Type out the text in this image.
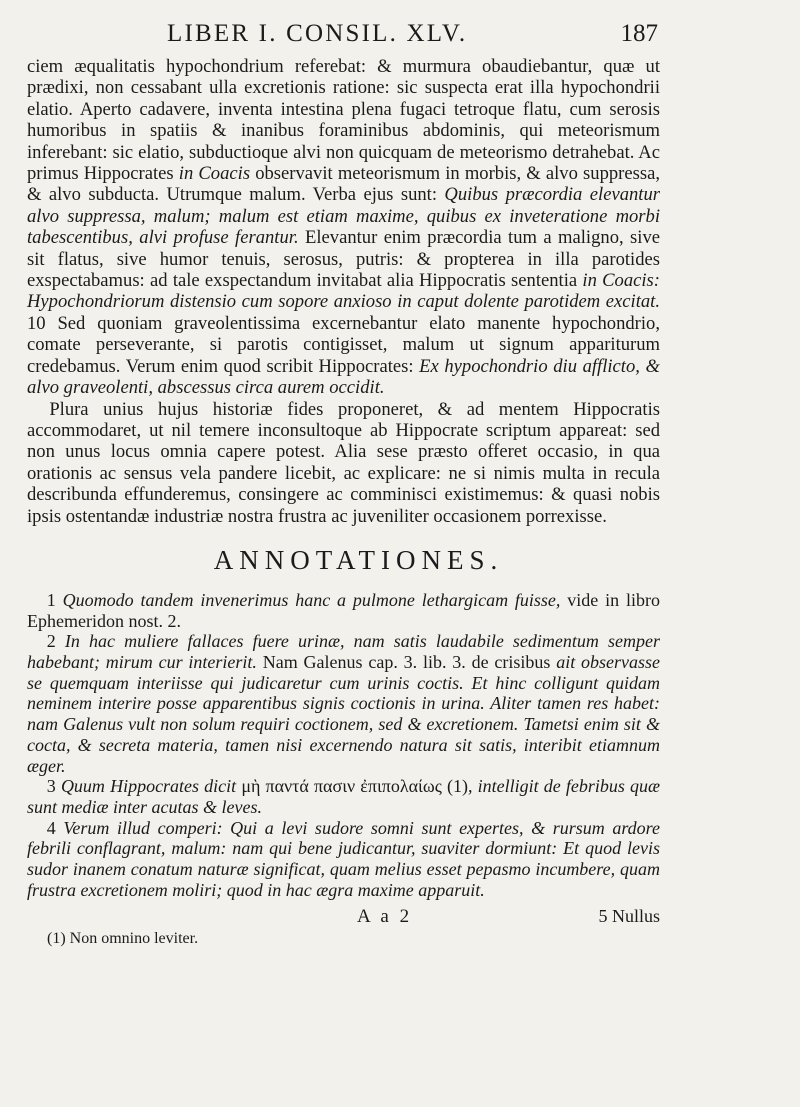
LIBER I. CONSIL. XLV.	187

ciem æqualitatis hypochondrium referebat: & murmura obaudiebantur, quæ ut prædixi, non cessabant ulla excretionis ratione: sic suspecta erat illa hypochondrii elatio. Aperto cadavere, inventa intestina plena fugaci tetroque flatu, cum serosis humoribus in spatiis & inanibus foraminibus abdominis, qui meteorismum inferebant: sic elatio, subductioque alvi non quicquam de meteorismo detrahebat. Ac primus Hippocrates in Coacis observavit meteorismum in morbis, & alvo suppressa, & alvo subducta. Utrumque malum. Verba ejus sunt: Quibus præcordia elevantur alvo suppressa, malum; malum est etiam maxime, quibus ex inveteratione morbi tabescentibus, alvi profuse ferantur. Elevantur enim præcordia tum a maligno, sive sit flatus, sive humor tenuis, serosus, putris: & propterea in illa parotides exspectabamus: ad tale exspectandum invitabat alia Hippocratis sententia in Coacis: Hypochondriorum distensio cum sopore anxioso in caput dolente parotidem excitat. 10 Sed quoniam graveolentissima excernebantur elato manente hypochondrio, comate perseverante, si parotis contigisset, malum ut signum appariturum credebamus. Verum enim quod scribit Hippocrates: Ex hypochondrio diu afflicto, & alvo graveolenti, abscessus circa aurem occidit.

Plura unius hujus historiæ fides proponeret, & ad mentem Hippocratis accommodaret, ut nil temere inconsultoque ab Hippocrate scriptum appareat: sed non unus locus omnia capere potest. Alia sese præsto offeret occasio, in qua orationis ac sensus vela pandere licebit, ac explicare: ne si nimis multa in recula describunda effunderemus, consingere ac comminisci existimemus: & quasi nobis ipsis ostentandæ industriæ nostra frustra ac juveniliter occasionem porrexisse.

ANNOTATIONES.

1 Quomodo tandem invenerimus hanc a pulmone lethargicam fuisse, vide in libro Ephemeridon nost. 2.

2 In hac muliere fallaces fuere urinæ, nam satis laudabile sedimentum semper habebant; mirum cur interierit. Nam Galenus cap. 3. lib. 3. de crisibus ait observasse se quemquam interiisse qui judicaretur cum urinis coctis. Et hinc colligunt quidam neminem interire posse apparentibus signis coctionis in urina. Aliter tamen res habet: nam Galenus vult non solum requiri coctionem, sed & excretionem. Tametsi enim sit & cocta, & secreta materia, tamen nisi excernendo natura sit satis, interibit etiamnum æger.

3 Quum Hippocrates dicit μὴ παντά πασιν ἐπιπολαίως (1), intelligit de febribus quæ sunt mediæ inter acutas & leves.

4 Verum illud comperi: Qui a levi sudore somni sunt expertes, & rursum ardore febrili conflagrant, malum: nam qui bene judicantur, suaviter dormiunt: Et quod levis sudor inanem conatum naturæ significat, quam melius esset pepasmo incumbere, quam frustra excretionem moliri; quod in hac ægra maxime apparuit.

A a 2	5 Nullus
(1) Non omnino leviter.
